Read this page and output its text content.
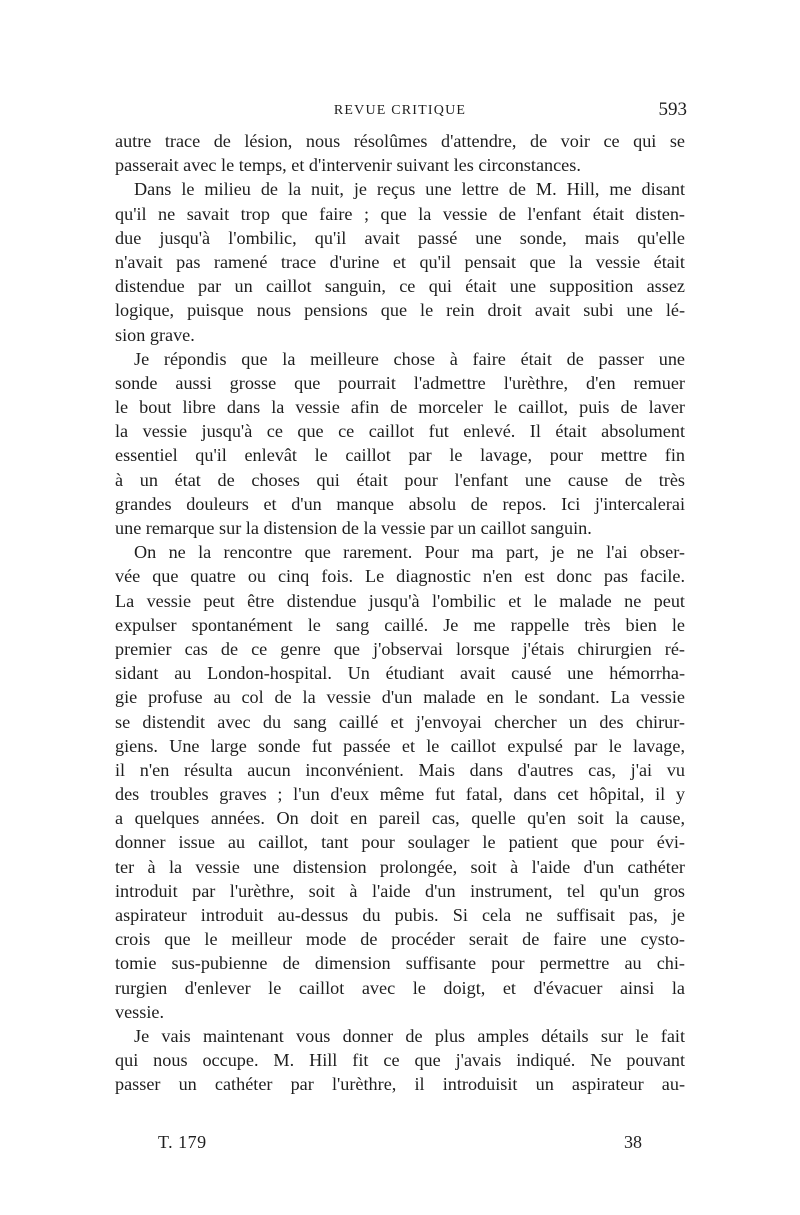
REVUE CRITIQUE	593
autre trace de lésion, nous résolûmes d'attendre, de voir ce qui se
passerait avec le temps, et d'intervenir suivant les circonstances.
Dans le milieu de la nuit, je reçus une lettre de M. Hill, me disant
qu'il ne savait trop que faire ; que la vessie de l'enfant était disten-
due jusqu'à l'ombilic, qu'il avait passé une sonde, mais qu'elle
n'avait pas ramené trace d'urine et qu'il pensait que la vessie était
distendue par un caillot sanguin, ce qui était une supposition assez
logique, puisque nous pensions que le rein droit avait subi une lé-
sion grave.
Je répondis que la meilleure chose à faire était de passer une
sonde aussi grosse que pourrait l'admettre l'urèthre, d'en remuer
le bout libre dans la vessie afin de morceler le caillot, puis de laver
la vessie jusqu'à ce que ce caillot fut enlevé. Il était absolument
essentiel qu'il enlevât le caillot par le lavage, pour mettre fin
à un état de choses qui était pour l'enfant une cause de très
grandes douleurs et d'un manque absolu de repos. Ici j'intercalerai
une remarque sur la distension de la vessie par un caillot sanguin.
On ne la rencontre que rarement. Pour ma part, je ne l'ai obser-
vée que quatre ou cinq fois. Le diagnostic n'en est donc pas facile.
La vessie peut être distendue jusqu'à l'ombilic et le malade ne peut
expulser spontanément le sang caillé. Je me rappelle très bien le
premier cas de ce genre que j'observai lorsque j'étais chirurgien ré-
sidant au London-hospital. Un étudiant avait causé une hémorrha-
gie profuse au col de la vessie d'un malade en le sondant. La vessie
se distendit avec du sang caillé et j'envoyai chercher un des chirur-
giens. Une large sonde fut passée et le caillot expulsé par le lavage,
il n'en résulta aucun inconvénient. Mais dans d'autres cas, j'ai vu
des troubles graves ; l'un d'eux même fut fatal, dans cet hôpital, il y
a quelques années. On doit en pareil cas, quelle qu'en soit la cause,
donner issue au caillot, tant pour soulager le patient que pour évi-
ter à la vessie une distension prolongée, soit à l'aide d'un cathéter
introduit par l'urèthre, soit à l'aide d'un instrument, tel qu'un gros
aspirateur introduit au-dessus du pubis. Si cela ne suffisait pas, je
crois que le meilleur mode de procéder serait de faire une cysto-
tomie sus-pubienne de dimension suffisante pour permettre au chi-
rurgien d'enlever le caillot avec le doigt, et d'évacuer ainsi la
vessie.
Je vais maintenant vous donner de plus amples détails sur le fait
qui nous occupe. M. Hill fit ce que j'avais indiqué. Ne pouvant
passer un cathéter par l'urèthre, il introduisit un aspirateur au-
T. 179	38
